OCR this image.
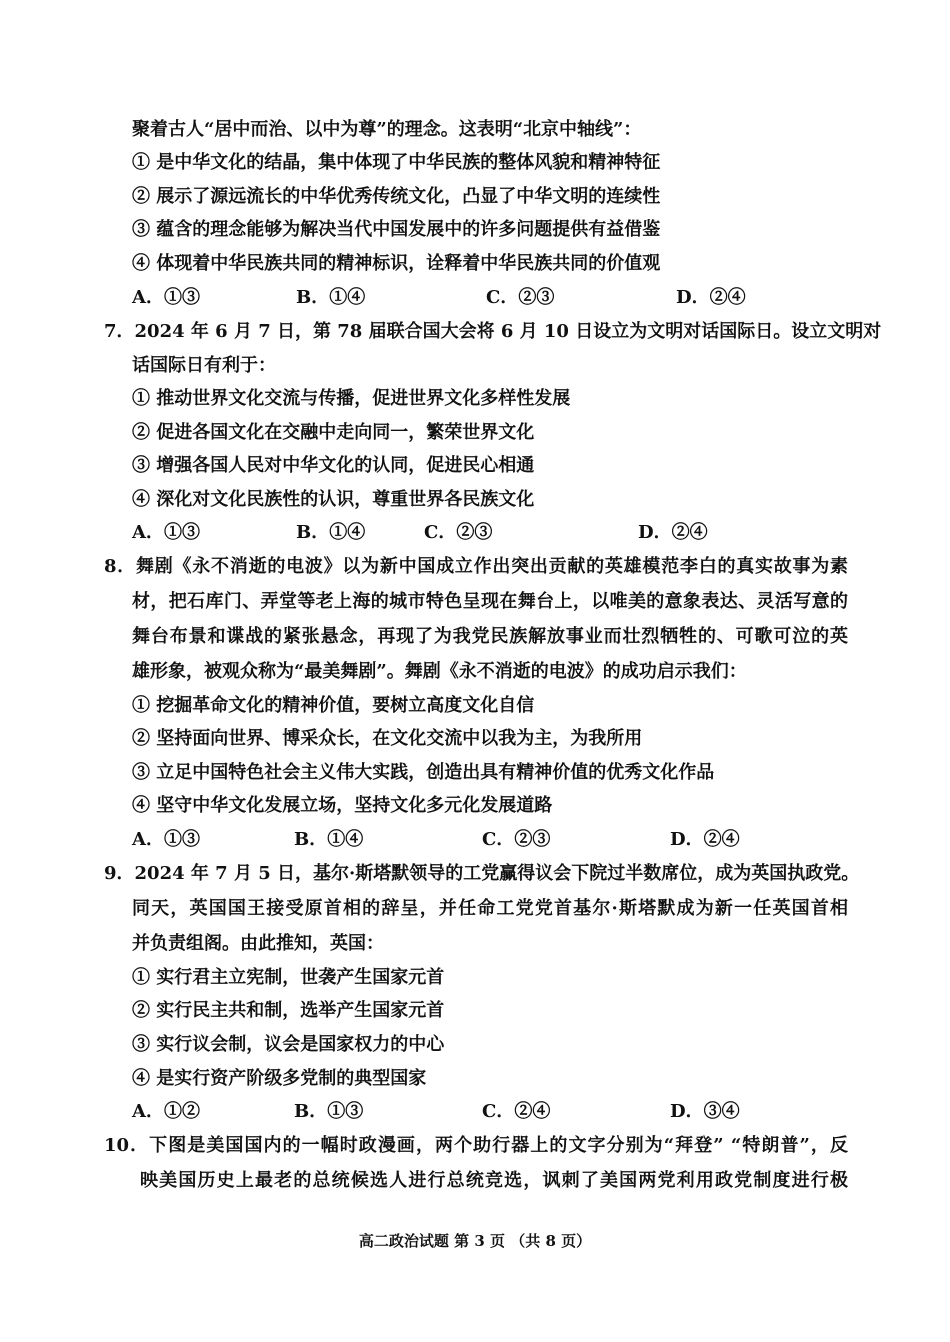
聚着古人“居中而治、以中为尊”的理念。这表明“北京中轴线”：
① 是中华文化的结晶，集中体现了中华民族的整体风貌和精神特征
② 展示了源远流长的中华优秀传统文化，凸显了中华文明的连续性
③ 蕴含的理念能够为解决当代中国发展中的许多问题提供有益借鉴
④ 体现着中华民族共同的精神标识，诠释着中华民族共同的价值观
A．①③	B．①④	C．②③	D．②④
7．2024 年 6 月 7 日，第 78 届联合国大会将 6 月 10 日设立为文明对话国际日。设立文明对
话国际日有利于：
① 推动世界文化交流与传播，促进世界文化多样性发展
② 促进各国文化在交融中走向同一，繁荣世界文化
③ 增强各国人民对中华文化的认同，促进民心相通
④ 深化对文化民族性的认识，尊重世界各民族文化
A．①③	B．①④	C．②③	D．②④
8．舞剧《永不消逝的电波》以为新中国成立作出突出贡献的英雄模范李白的真实故事为素
材，把石库门、弄堂等老上海的城市特色呈现在舞台上，以唯美的意象表达、灵活写意的
舞台布景和谍战的紧张悬念，再现了为我党民族解放事业而壮烈牺牲的、可歌可泣的英
雄形象，被观众称为“最美舞剧”。舞剧《永不消逝的电波》的成功启示我们：
① 挖掘革命文化的精神价值，要树立高度文化自信
② 坚持面向世界、博采众长，在文化交流中以我为主，为我所用
③ 立足中国特色社会主义伟大实践，创造出具有精神价值的优秀文化作品
④ 坚守中华文化发展立场，坚持文化多元化发展道路
A．①③	B．①④	C．②③	D．②④
9．2024 年 7 月 5 日，基尔·斯塔默领导的工党赢得议会下院过半数席位，成为英国执政党。
同天，英国国王接受原首相的辞呈，并任命工党党首基尔·斯塔默成为新一任英国首相
并负责组阁。由此推知，英国：
① 实行君主立宪制，世袭产生国家元首
② 实行民主共和制，选举产生国家元首
③ 实行议会制，议会是国家权力的中心
④ 是实行资产阶级多党制的典型国家
A．①②	B．①③	C．②④	D．③④
10．下图是美国国内的一幅时政漫画，两个助行器上的文字分别为“拜登” “特朗普”，反
映美国历史上最老的总统候选人进行总统竞选，讽刺了美国两党利用政党制度进行极
高二政治试题 第 3 页 （共 8 页）
